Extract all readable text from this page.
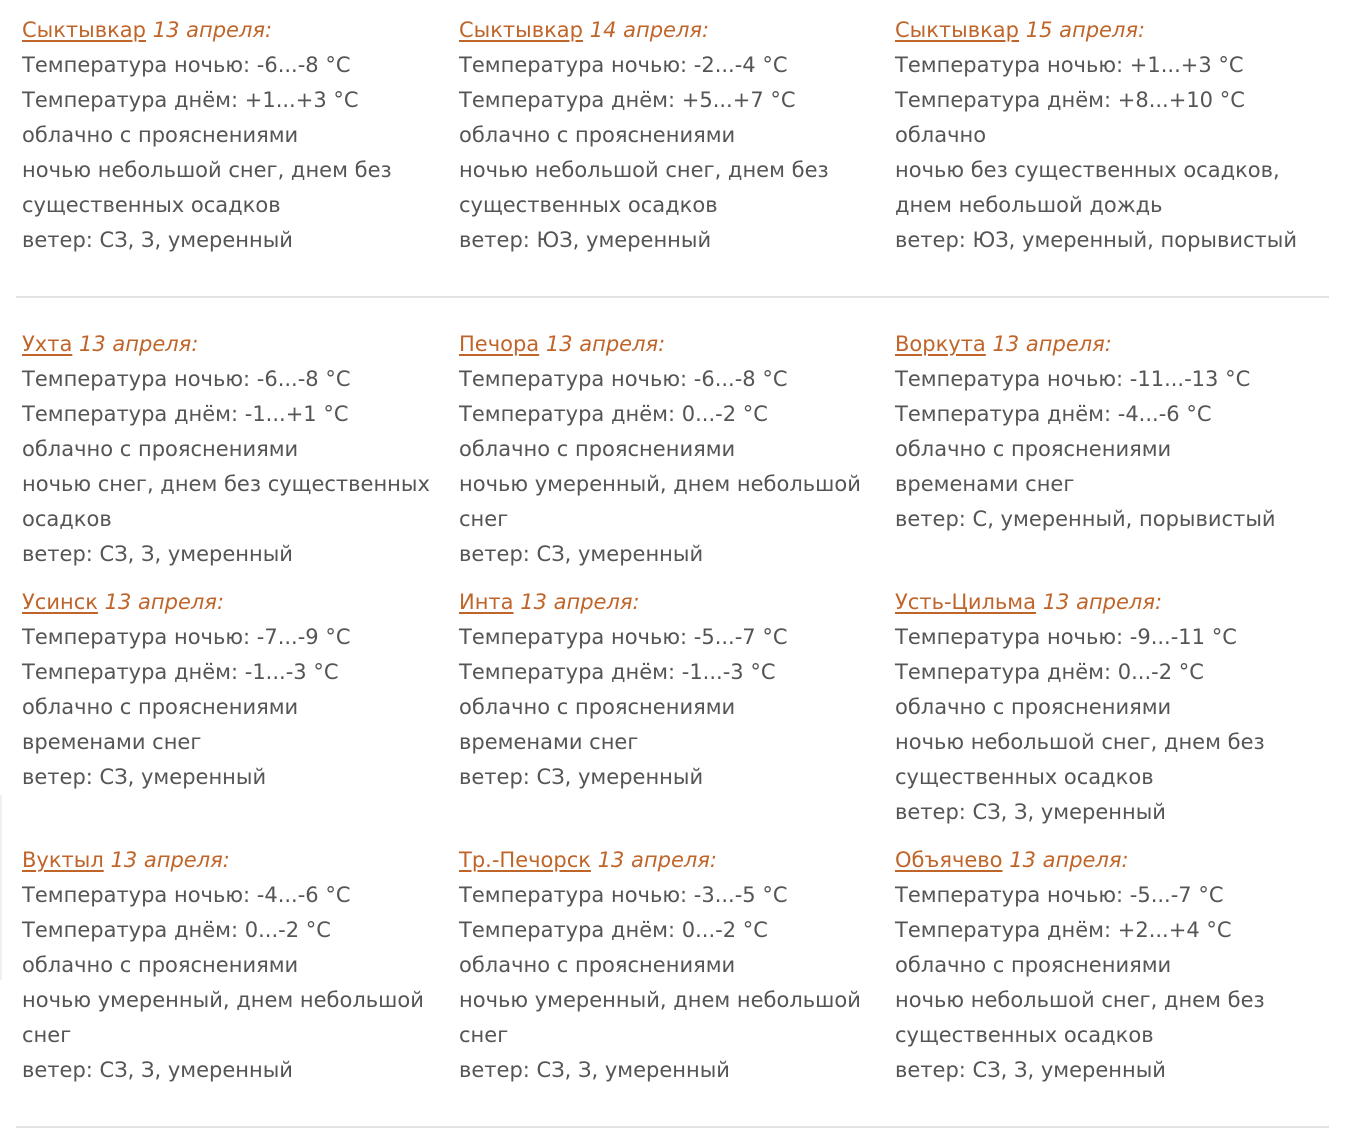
Сыктывкар 13 апреля:
Температура ночью: -6...-8 °C
Температура днём: +1...+3 °C
облачно с прояснениями
ночью небольшой снег, днем без существенных осадков
ветер: СЗ, З, умеренный
Сыктывкар 14 апреля:
Температура ночью: -2...-4 °C
Температура днём: +5...+7 °C
облачно с прояснениями
ночью небольшой снег, днем без существенных осадков
ветер: ЮЗ, умеренный
Сыктывкар 15 апреля:
Температура ночью: +1...+3 °C
Температура днём: +8...+10 °C
облачно
ночью без существенных осадков, днем небольшой дождь
ветер: ЮЗ, умеренный, порывистый
Ухта 13 апреля:
Температура ночью: -6...-8 °C
Температура днём: -1...+1 °C
облачно с прояснениями
ночью снег, днем без существенных осадков
ветер: СЗ, З, умеренный
Печора 13 апреля:
Температура ночью: -6...-8 °C
Температура днём: 0...-2 °C
облачно с прояснениями
ночью умеренный, днем небольшой снег
ветер: СЗ, умеренный
Воркута 13 апреля:
Температура ночью: -11...-13 °C
Температура днём: -4...-6 °C
облачно с прояснениями
временами снег
ветер: С, умеренный, порывистый
Усинск 13 апреля:
Температура ночью: -7...-9 °C
Температура днём: -1...-3 °C
облачно с прояснениями
временами снег
ветер: СЗ, умеренный
Инта 13 апреля:
Температура ночью: -5...-7 °C
Температура днём: -1...-3 °C
облачно с прояснениями
временами снег
ветер: СЗ, умеренный
Усть-Цильма 13 апреля:
Температура ночью: -9...-11 °C
Температура днём: 0...-2 °C
облачно с прояснениями
ночью небольшой снег, днем без существенных осадков
ветер: СЗ, З, умеренный
Вуктыл 13 апреля:
Температура ночью: -4...-6 °C
Температура днём: 0...-2 °C
облачно с прояснениями
ночью умеренный, днем небольшой снег
ветер: СЗ, З, умеренный
Тр.-Печорск 13 апреля:
Температура ночью: -3...-5 °C
Температура днём: 0...-2 °C
облачно с прояснениями
ночью умеренный, днем небольшой снег
ветер: СЗ, З, умеренный
Объячево 13 апреля:
Температура ночью: -5...-7 °C
Температура днём: +2...+4 °C
облачно с прояснениями
ночью небольшой снег, днем без существенных осадков
ветер: СЗ, З, умеренный
